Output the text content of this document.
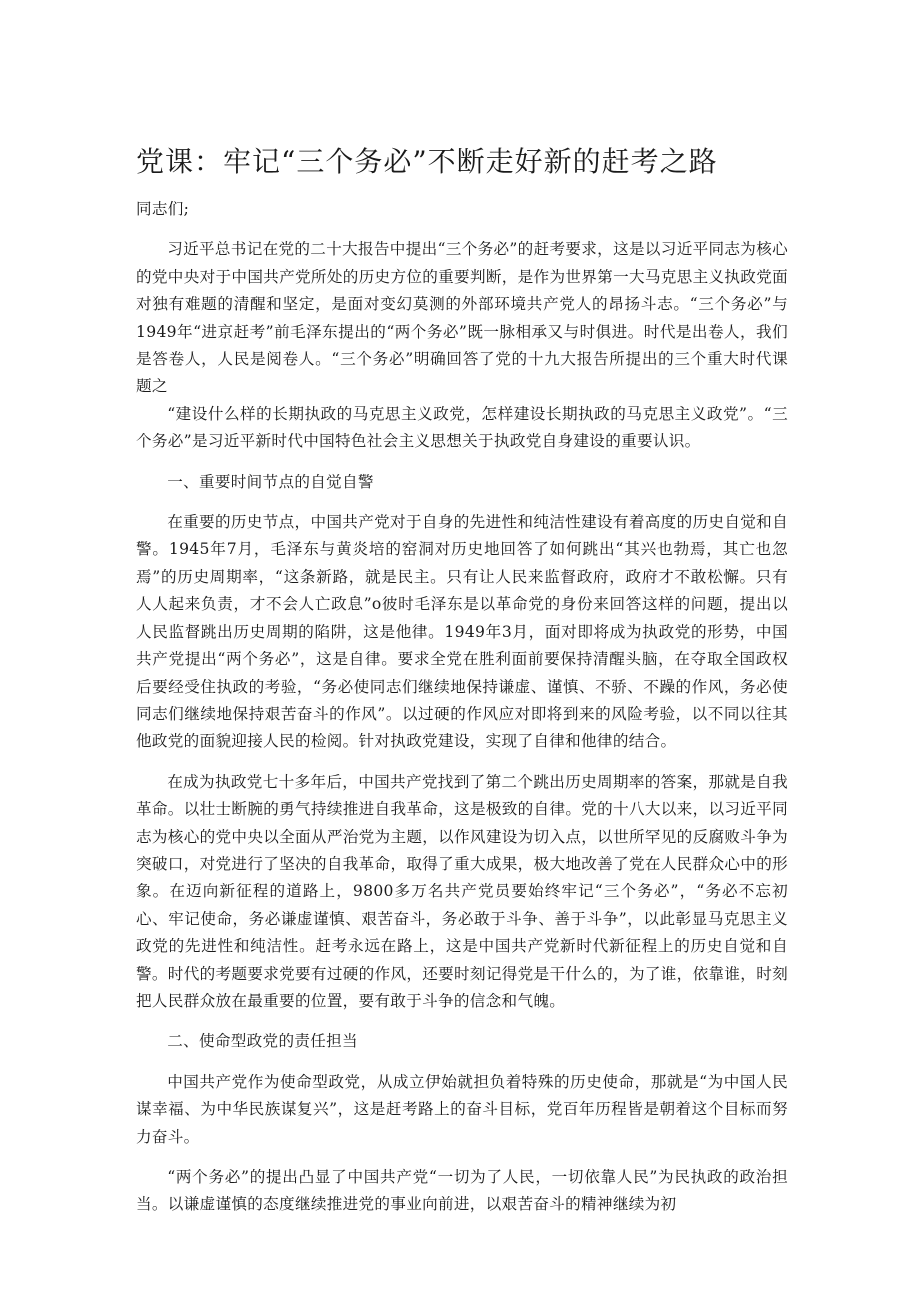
党课：牢记“三个务必”不断走好新的赶考之路

同志们;

习近平总书记在党的二十大报告中提出“三个务必”的赶考要求，这是以习近平同志为核心的党中央对于中国共产党所处的历史方位的重要判断，是作为世界第一大马克思主义执政党面对独有难题的清醒和坚定，是面对变幻莫测的外部环境共产党人的昂扬斗志。“三个务必”与1949年“进京赶考”前毛泽东提出的“两个务必”既一脉相承又与时俱进。时代是出卷人，我们是答卷人，人民是阅卷人。“三个务必”明确回答了党的十九大报告所提出的三个重大时代课题之

“建设什么样的长期执政的马克思主义政党，怎样建设长期执政的马克思主义政党”。“三个务必”是习近平新时代中国特色社会主义思想关于执政党自身建设的重要认识。

一、重要时间节点的自觉自警

在重要的历史节点，中国共产党对于自身的先进性和纯洁性建设有着高度的历史自觉和自警。1945年7月，毛泽东与黄炎培的窑洞对历史地回答了如何跳出“其兴也勃焉，其亡也忽焉”的历史周期率，“这条新路，就是民主。只有让人民来监督政府，政府才不敢松懈。只有人人起来负责，才不会人亡政息”o彼时毛泽东是以革命党的身份来回答这样的问题，提出以人民监督跳出历史周期的陷阱，这是他律。1949年3月，面对即将成为执政党的形势，中国共产党提出“两个务必”，这是自律。要求全党在胜利面前要保持清醒头脑，在夺取全国政权后要经受住执政的考验，“务必使同志们继续地保持谦虚、谨慎、不骄、不躁的作风，务必使同志们继续地保持艰苦奋斗的作风”。以过硬的作风应对即将到来的风险考验，以不同以往其他政党的面貌迎接人民的检阅。针对执政党建设，实现了自律和他律的结合。

在成为执政党七十多年后，中国共产党找到了第二个跳出历史周期率的答案，那就是自我革命。以壮士断腕的勇气持续推进自我革命，这是极致的自律。党的十八大以来，以习近平同志为核心的党中央以全面从严治党为主题，以作风建设为切入点，以世所罕见的反腐败斗争为突破口，对党进行了坚决的自我革命，取得了重大成果，极大地改善了党在人民群众心中的形象。在迈向新征程的道路上，9800多万名共产党员要始终牢记“三个务必”，“务必不忘初心、牢记使命，务必谦虚谨慎、艰苦奋斗，务必敢于斗争、善于斗争”，以此彰显马克思主义政党的先进性和纯洁性。赶考永远在路上，这是中国共产党新时代新征程上的历史自觉和自警。时代的考题要求党要有过硬的作风，还要时刻记得党是干什么的，为了谁，依靠谁，时刻把人民群众放在最重要的位置，要有敢于斗争的信念和气魄。

二、使命型政党的责任担当

中国共产党作为使命型政党，从成立伊始就担负着特殊的历史使命，那就是“为中国人民谋幸福、为中华民族谋复兴”，这是赶考路上的奋斗目标，党百年历程皆是朝着这个目标而努力奋斗。

“两个务必”的提出凸显了中国共产党“一切为了人民，一切依靠人民”为民执政的政治担当。以谦虚谨慎的态度继续推进党的事业向前进，以艰苦奋斗的精神继续为初
